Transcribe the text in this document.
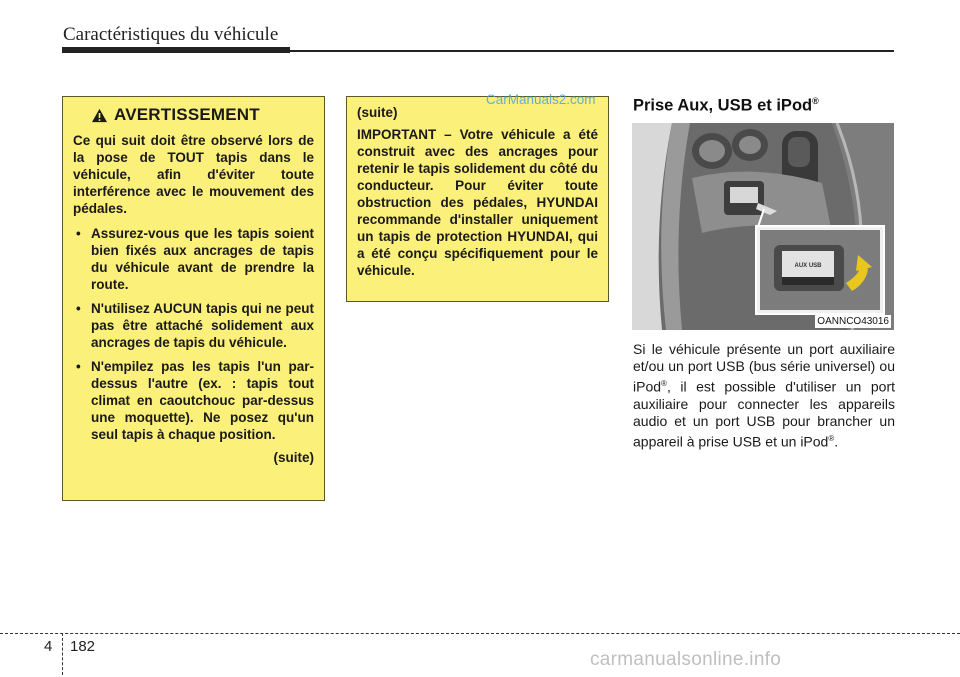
Caractéristiques du véhicule
AVERTISSEMENT
Ce qui suit doit être observé lors de la pose de TOUT tapis dans le véhicule, afin d'éviter toute interférence avec le mouvement des pédales.
• Assurez-vous que les tapis soient bien fixés aux ancrages de tapis du véhicule avant de prendre la route.
• N'utilisez AUCUN tapis qui ne peut pas être attaché solidement aux ancrages de tapis du véhicule.
• N'empilez pas les tapis l'un par-dessus l'autre (ex. : tapis tout climat en caoutchouc par-dessus une moquette). Ne posez qu'un seul tapis à chaque position.
(suite)
(suite)
IMPORTANT – Votre véhicule a été construit avec des ancrages pour retenir le tapis solidement du côté du conducteur. Pour éviter toute obstruction des pédales, HYUNDAI recommande d'installer uniquement un tapis de protection HYUNDAI, qui a été conçu spécifiquement pour le véhicule.
CarManuals2.com Prise Aux, USB et iPod®
AUX USB
OANNCO43016
Si le véhicule présente un port auxiliaire et/ou un port USB (bus série universel) ou iPod®, il est possible d'utiliser un port auxiliaire pour connecter les appareils audio et un port USB pour brancher un appareil à prise USB et un iPod®.
4 182
carmanualsonline.info
